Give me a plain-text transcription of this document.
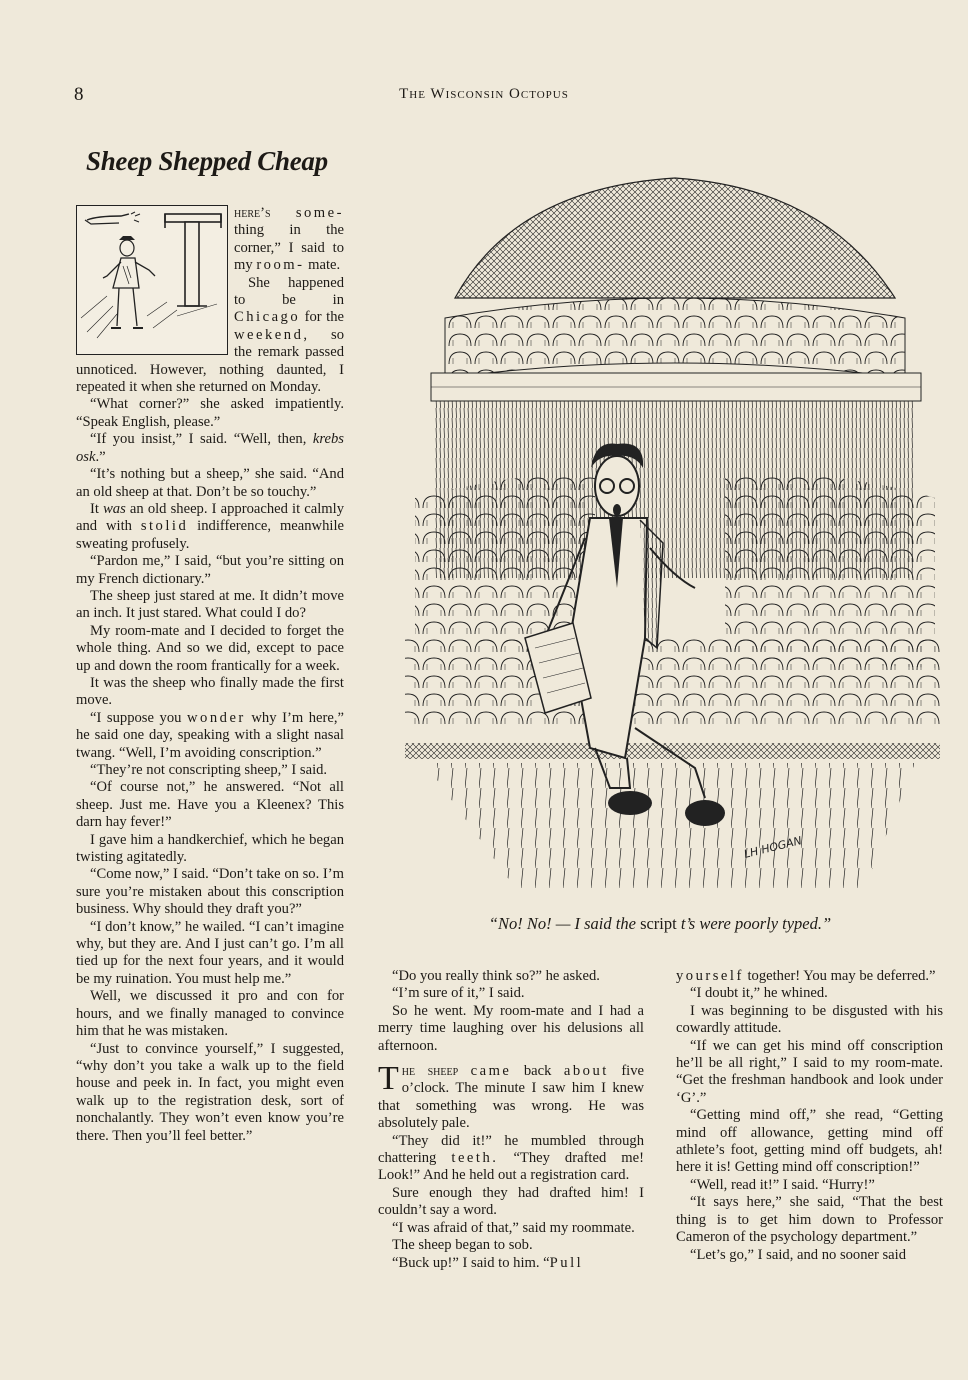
8	The Wisconsin Octopus
Sheep Shepped Cheap

here’s some- thing in the corner,” I said to my room- mate.

She happened to be in Chicago for the weekend, so the remark passed unnoticed. However, nothing daunted, I repeated it when she returned on Monday.

“What corner?” she asked impatiently. “Speak English, please.”

“If you insist,” I said. “Well, then, krebs osk.”

“It’s nothing but a sheep,” she said. “And an old sheep at that. Don’t be so touchy.”

It was an old sheep. I approached it calmly and with stolid indifference, meanwhile sweating profusely.

“Pardon me,” I said, “but you’re sitting on my French dictionary.”

The sheep just stared at me. It didn’t move an inch. It just stared. What could I do?

My room-mate and I decided to forget the whole thing. And so we did, except to pace up and down the room frantically for a week.

It was the sheep who finally made the first move.

“I suppose you wonder why I’m here,” he said one day, speaking with a slight nasal twang. “Well, I’m avoiding conscription.”

“They’re not conscripting sheep,” I said.

“Of course not,” he answered. “Not all sheep. Just me. Have you a Kleenex? This darn hay fever!”

I gave him a handkerchief, which he began twisting agitatedly.

“Come now,” I said. “Don’t take on so. I’m sure you’re mistaken about this conscription business. Why should they draft you?”

“I don’t know,” he wailed. “I can’t imagine why, but they are. And I just can’t go. I’m all tied up for the next four years, and it would be my ruination. You must help me.”

Well, we discussed it pro and con for hours, and we finally managed to convince him that he was mistaken.

“Just to convince yourself,” I suggested, “why don’t you take a walk up to the field house and peek in. In fact, you might even walk up to the registration desk, sort of nonchalantly. They won’t even know you’re there. Then you’ll feel better.”

LH HOGAN
“No! No! — I said the script t’s were poorly typed.”

“Do you really think so?” he asked.

“I’m sure of it,” I said.

So he went. My room-mate and I had a merry time laughing over his delusions all afternoon.

The sheep came back about five o’clock. The minute I saw him I knew that something was wrong. He was absolutely pale.

“They did it!” he mumbled through chattering teeth. “They drafted me! Look!” And he held out a registration card.

Sure enough they had drafted him! I couldn’t say a word.

“I was afraid of that,” said my roommate.

The sheep began to sob.

“Buck up!” I said to him. “Pull

yourself together! You may be deferred.”

“I doubt it,” he whined.

I was beginning to be disgusted with his cowardly attitude.

“If we can get his mind off conscription he’ll be all right,” I said to my room-mate. “Get the freshman handbook and look under ‘G’.”

“Getting mind off,” she read, “Getting mind off allowance, getting mind off athlete’s foot, getting mind off budgets, ah! here it is! Getting mind off conscription!”

“Well, read it!” I said. “Hurry!”

“It says here,” she said, “That the best thing is to get him down to Professor Cameron of the psychology department.”

“Let’s go,” I said, and no sooner said
